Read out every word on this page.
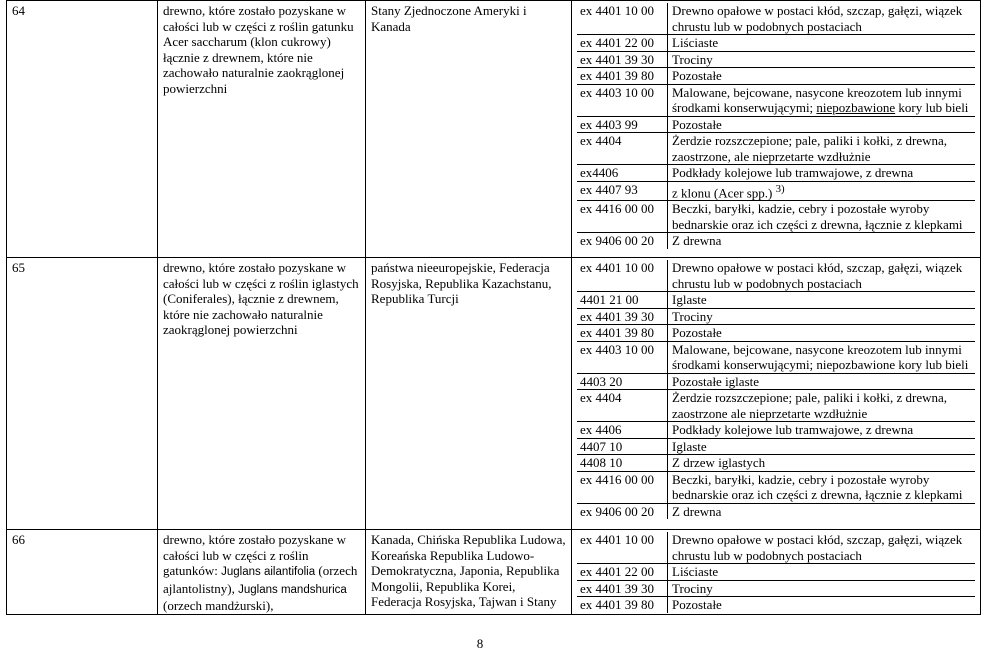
64	drewno, które zostało pozyskane w całości lub w części z roślin gatunku Acer saccharum (klon cukrowy) łącznie z drewnem, które nie zachowało naturalnie zaokrąglonej powierzchni	Stany Zjednoczone Ameryki i Kanada	
ex 4401 10 00	Drewno opałowe w postaci kłód, szczap, gałęzi, wiązek chrustu lub w podobnych postaciach
ex 4401 22 00	Liściaste
ex 4401 39 30	Trociny
ex 4401 39 80	Pozostałe
ex 4403 10 00	Malowane, bejcowane, nasycone kreozotem lub innymi środkami konserwującymi; niepozbawione kory lub bieli
ex 4403 99	Pozostałe
ex 4404	Żerdzie rozszczepione; pale, paliki i kołki, z drewna, zaostrzone, ale nieprzetarte wzdłużnie
ex4406	Podkłady kolejowe lub tramwajowe, z drewna
ex 4407 93	z klonu (Acer spp.) $^{3)}$
ex 4416 00 00	Beczki, baryłki, kadzie, cebry i pozostałe wyroby bednarskie oraz ich części z drewna, łącznie z klepkami
ex 9406 00 20	Z drewna

65	drewno, które zostało pozyskane w całości lub w części z roślin iglastych (Coniferales), łącznie z drewnem, które nie zachowało naturalnie zaokrąglonej powierzchni	państwa nieeuropejskie, Federacja Rosyjska, Republika Kazachstanu, Republika Turcji	
ex 4401 10 00	Drewno opałowe w postaci kłód, szczap, gałęzi, wiązek chrustu lub w podobnych postaciach
4401 21 00	Iglaste
ex 4401 39 30	Trociny
ex 4401 39 80	Pozostałe
ex 4403 10 00	Malowane, bejcowane, nasycone kreozotem lub innymi środkami konserwującymi; niepozbawione kory lub bieli
4403 20	Pozostałe iglaste
ex 4404	Żerdzie rozszczepione; pale, paliki i kołki, z drewna, zaostrzone ale nieprzetarte wzdłużnie
ex 4406	Podkłady kolejowe lub tramwajowe, z drewna
4407 10	Iglaste
4408 10	Z drzew iglastych
ex 4416 00 00	Beczki, baryłki, kadzie, cebry i pozostałe wyroby bednarskie oraz ich części z drewna, łącznie z klepkami
ex 9406 00 20	Z drewna

66	drewno, które zostało pozyskane w całości lub w części z roślin gatunków: Juglans ailantifolia (orzech ajlantolistny), Juglans mandshurica (orzech mandżurski),	Kanada, Chińska Republika Ludowa, Koreańska Republika Ludowo-Demokratyczna, Japonia, Republika Mongolii, Republika Korei, Federacja Rosyjska, Tajwan i Stany	
ex 4401 10 00	Drewno opałowe w postaci kłód, szczap, gałęzi, wiązek chrustu lub w podobnych postaciach
ex 4401 22 00	Liściaste
ex 4401 39 30	Trociny
ex 4401 39 80	Pozostałe
8
